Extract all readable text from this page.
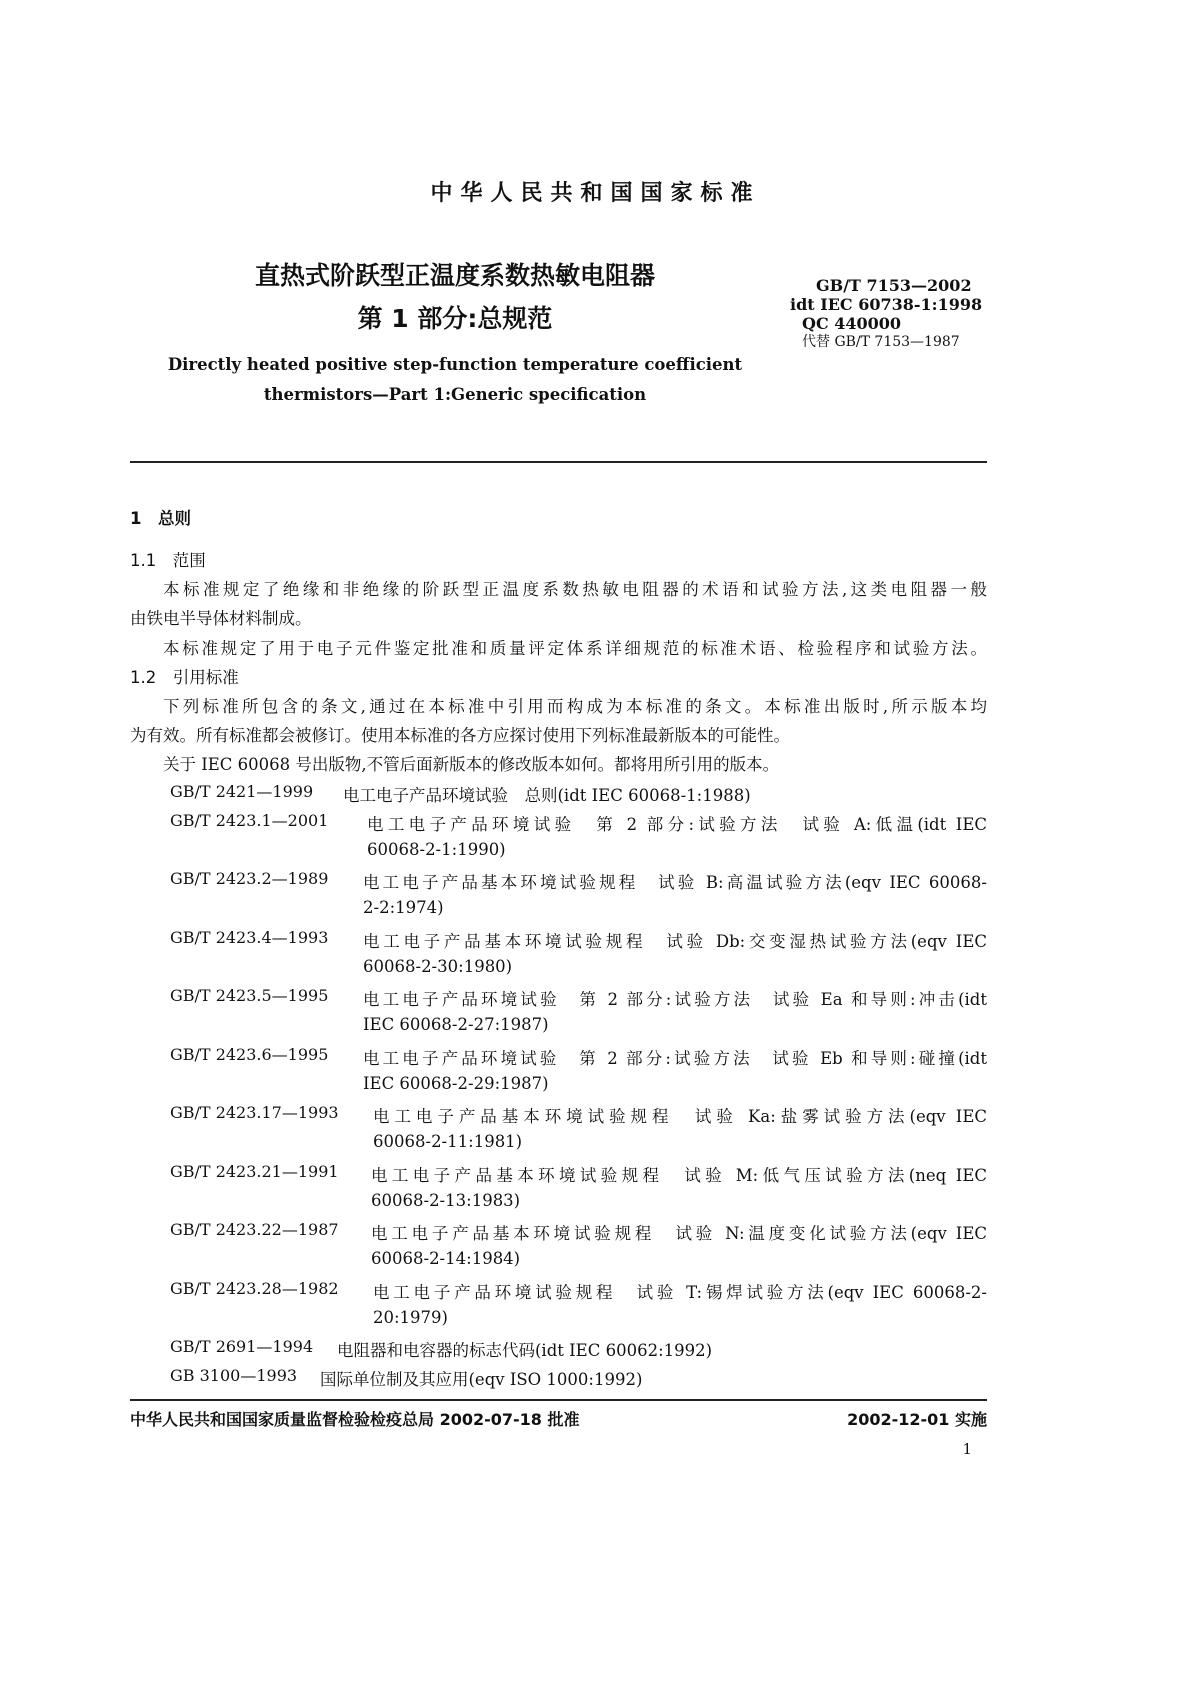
中华人民共和国国家标准
直热式阶跃型正温度系数热敏电阻器
第 1 部分:总规范
GB/T 7153—2002
idt IEC 60738-1:1998
QC 440000
代替 GB/T 7153—1987
Directly heated positive step-function temperature coefficient
thermistors—Part 1:Generic specification
1　总则
1.1　范围
本标准规定了绝缘和非绝缘的阶跃型正温度系数热敏电阻器的术语和试验方法,这类电阻器一般
由铁电半导体材料制成。
本标准规定了用于电子元件鉴定批准和质量评定体系详细规范的标准术语、检验程序和试验方法。
1.2　引用标准
下列标准所包含的条文,通过在本标准中引用而构成为本标准的条文。本标准出版时,所示版本均
为有效。所有标准都会被修订。使用本标准的各方应探讨使用下列标准最新版本的可能性。
关于 IEC 60068 号出版物,不管后面新版本的修改版本如何。都将用所引用的版本。
GB/T 2421—1999 电工电子产品环境试验　总则(idt IEC 60068-1:1988)
GB/T 2423.1—2001 电工电子产品环境试验　第 2 部分:试验方法　试验 A:低温(idt IEC
60068-2-1:1990)
GB/T 2423.2—1989 电工电子产品基本环境试验规程　试验 B:高温试验方法(eqv IEC 60068-
2-2:1974)
GB/T 2423.4—1993 电工电子产品基本环境试验规程　试验 Db:交变湿热试验方法(eqv IEC
60068-2-30:1980)
GB/T 2423.5—1995 电工电子产品环境试验　第 2 部分:试验方法　试验 Ea 和导则:冲击(idt
IEC 60068-2-27:1987)
GB/T 2423.6—1995 电工电子产品环境试验　第 2 部分:试验方法　试验 Eb 和导则:碰撞(idt
IEC 60068-2-29:1987)
GB/T 2423.17—1993 电工电子产品基本环境试验规程　试验 Ka:盐雾试验方法(eqv IEC
60068-2-11:1981)
GB/T 2423.21—1991 电工电子产品基本环境试验规程　试验 M:低气压试验方法(neq IEC
60068-2-13:1983)
GB/T 2423.22—1987 电工电子产品基本环境试验规程　试验 N:温度变化试验方法(eqv IEC
60068-2-14:1984)
GB/T 2423.28—1982 电工电子产品环境试验规程　试验 T:锡焊试验方法(eqv IEC 60068-2-
20:1979)
GB/T 2691—1994 电阻器和电容器的标志代码(idt IEC 60062:1992)
GB 3100—1993 国际单位制及其应用(eqv ISO 1000:1992)
中华人民共和国国家质量监督检验检疫总局 2002-07-18 批准	2002-12-01 实施
1
